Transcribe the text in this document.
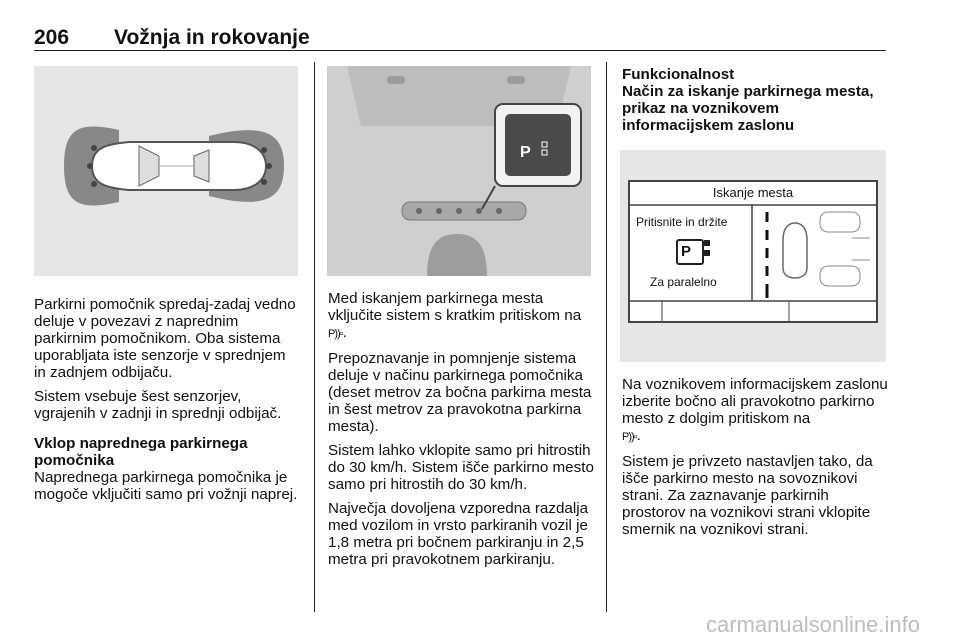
206 Vožnja in rokovanje

Parkirni pomočnik spredaj-zadaj vedno deluje v povezavi z naprednim parkirnim pomočnikom. Oba sistema uporabljata iste senzorje v sprednjem in zadnjem odbijaču.

Sistem vsebuje šest senzorjev, vgrajenih v zadnji in sprednji odbijač.

Vklop naprednega parkirnega pomočnika

Naprednega parkirnega pomočnika je mogoče vključiti samo pri vožnji naprej.

P

Med iskanjem parkirnega mesta vključite sistem s kratkim pritiskom na
P))▫.

Prepoznavanje in pomnjenje sistema deluje v načinu parkirnega pomočnika (deset metrov za bočna parkirna mesta in šest metrov za pravokotna parkirna mesta).

Sistem lahko vklopite samo pri hitrostih do 30 km/h. Sistem išče parkirno mesto samo pri hitrostih do 30 km/h.

Največja dovoljena vzporedna razdalja med vozilom in vrsto parkiranih vozil je 1,8 metra pri bočnem parkiranju in 2,5 metra pri pravokotnem parkiranju.

Funkcionalnost

Način za iskanje parkirnega mesta, prikaz na voznikovem informacijskem zaslonu

Iskanje mesta
Pritisnite in držite
P
Za paralelno

Na voznikovem informacijskem zaslonu izberite bočno ali pravokotno parkirno mesto z dolgim pritiskom na
P))▫.

Sistem je privzeto nastavljen tako, da išče parkirno mesto na sovoznikovi strani. Za zaznavanje parkirnih prostorov na voznikovi strani vklopite smernik na voznikovi strani.

carmanualsonline.info
